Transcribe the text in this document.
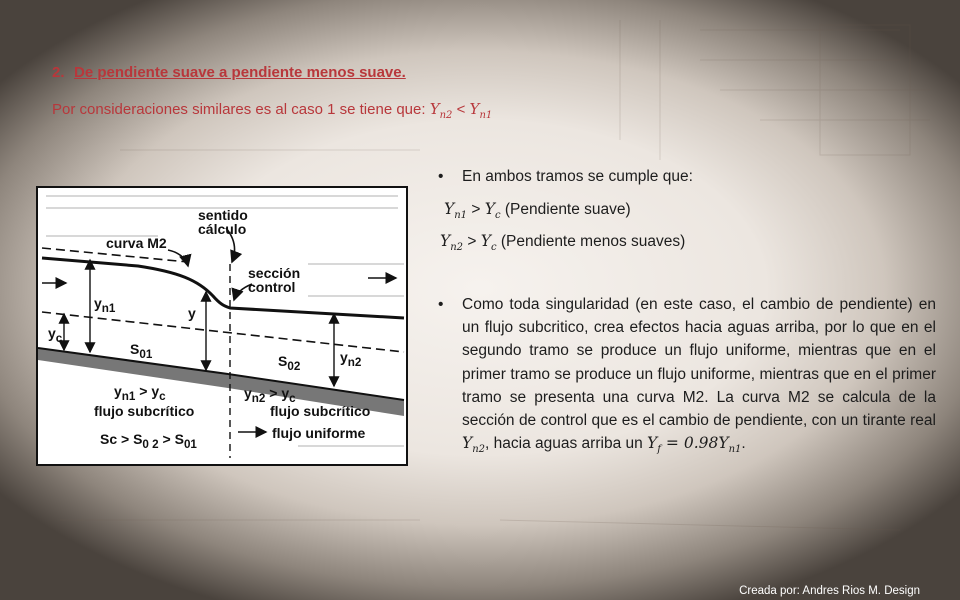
2. De pendiente suave a pendiente menos suave.
Por consideraciones similares es al caso 1 se tiene que: $Y_{n2} < Y_{n1}$
• En ambos tramos se cumple que:
$Y_{n1} > Y_c$ (Pendiente suave)
$Y_{n2} > Y_c$ (Pendiente menos suaves)
• Como toda singularidad (en este caso, el cambio de pendiente) en un flujo subcritico, crea efectos hacia aguas arriba, por lo que en el segundo tramo se produce un flujo uniforme, mientras que en el primer tramo se produce un flujo uniforme, mientras que en el primer tramo se presenta una curva M2. La curva M2 se calcula de la sección de control que es el cambio de pendiente, con un tirante real $Y_{n2}$, hacia aguas arriba un $Y_f = 0.98Y_{n1}$.
sentido
cálculo
curva M2
sección
control
$y_{n1}$
$y_c$
y
$S_{01}$	$S_{02}$
$y_{n2}$
$y_{n1} > y_c$
flujo subcrítico
$Sc > S_{0 2} > S_{01}$
$y_{n2} > y_c$
flujo subcrítico
flujo uniforme
Creada por: Andres Rios M. Design
